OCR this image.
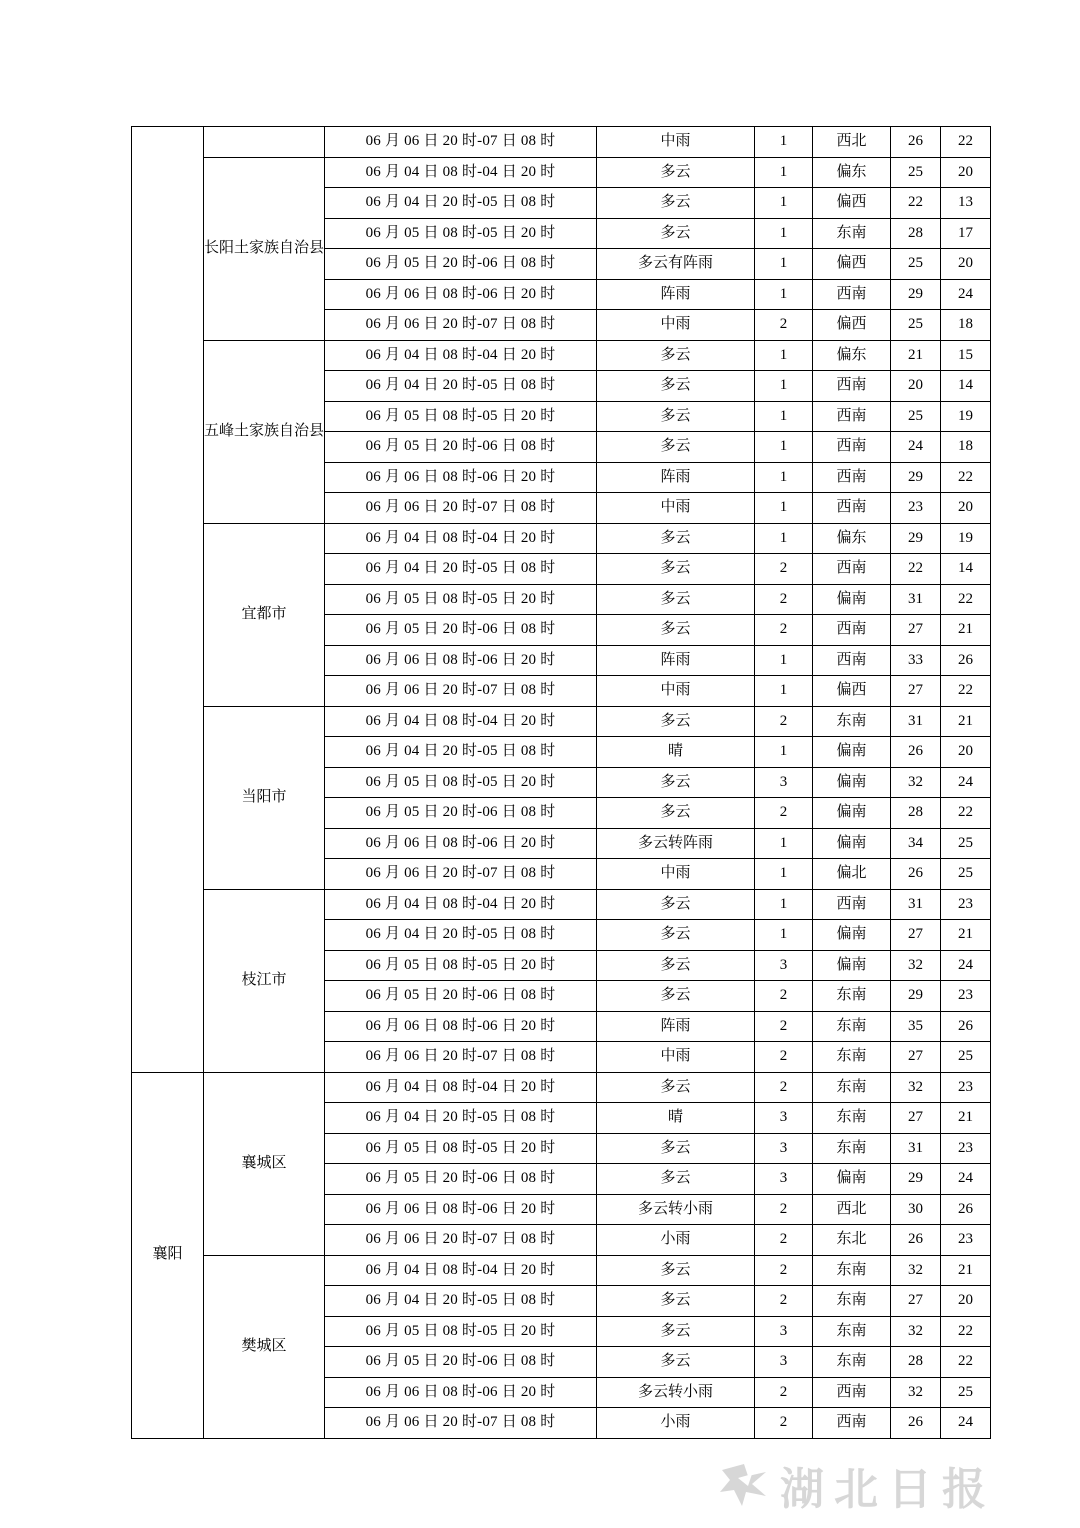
		06 月 06 日 20 时-07 日 08 时	中雨	1	西北	26	22
	长阳土家族自治县	06 月 04 日 08 时-04 日 20 时	多云	1	偏东	25	20
		06 月 04 日 20 时-05 日 08 时	多云	1	偏西	22	13
		06 月 05 日 08 时-05 日 20 时	多云	1	东南	28	17
		06 月 05 日 20 时-06 日 08 时	多云有阵雨	1	偏西	25	20
		06 月 06 日 08 时-06 日 20 时	阵雨	1	西南	29	24
		06 月 06 日 20 时-07 日 08 时	中雨	2	偏西	25	18
	五峰土家族自治县	06 月 04 日 08 时-04 日 20 时	多云	1	偏东	21	15
		06 月 04 日 20 时-05 日 08 时	多云	1	西南	20	14
		06 月 05 日 08 时-05 日 20 时	多云	1	西南	25	19
		06 月 05 日 20 时-06 日 08 时	多云	1	西南	24	18
		06 月 06 日 08 时-06 日 20 时	阵雨	1	西南	29	22
		06 月 06 日 20 时-07 日 08 时	中雨	1	西南	23	20
	宜都市	06 月 04 日 08 时-04 日 20 时	多云	1	偏东	29	19
		06 月 04 日 20 时-05 日 08 时	多云	2	西南	22	14
		06 月 05 日 08 时-05 日 20 时	多云	2	偏南	31	22
		06 月 05 日 20 时-06 日 08 时	多云	2	西南	27	21
		06 月 06 日 08 时-06 日 20 时	阵雨	1	西南	33	26
		06 月 06 日 20 时-07 日 08 时	中雨	1	偏西	27	22
	当阳市	06 月 04 日 08 时-04 日 20 时	多云	2	东南	31	21
		06 月 04 日 20 时-05 日 08 时	晴	1	偏南	26	20
		06 月 05 日 08 时-05 日 20 时	多云	3	偏南	32	24
		06 月 05 日 20 时-06 日 08 时	多云	2	偏南	28	22
		06 月 06 日 08 时-06 日 20 时	多云转阵雨	1	偏南	34	25
		06 月 06 日 20 时-07 日 08 时	中雨	1	偏北	26	25
	枝江市	06 月 04 日 08 时-04 日 20 时	多云	1	西南	31	23
		06 月 04 日 20 时-05 日 08 时	多云	1	偏南	27	21
		06 月 05 日 08 时-05 日 20 时	多云	3	偏南	32	24
		06 月 05 日 20 时-06 日 08 时	多云	2	东南	29	23
		06 月 06 日 08 时-06 日 20 时	阵雨	2	东南	35	26
		06 月 06 日 20 时-07 日 08 时	中雨	2	东南	27	25
襄阳	襄城区	06 月 04 日 08 时-04 日 20 时	多云	2	东南	32	23
		06 月 04 日 20 时-05 日 08 时	晴	3	东南	27	21
		06 月 05 日 08 时-05 日 20 时	多云	3	东南	31	23
		06 月 05 日 20 时-06 日 08 时	多云	3	偏南	29	24
		06 月 06 日 08 时-06 日 20 时	多云转小雨	2	西北	30	26
		06 月 06 日 20 时-07 日 08 时	小雨	2	东北	26	23
	樊城区	06 月 04 日 08 时-04 日 20 时	多云	2	东南	32	21
		06 月 04 日 20 时-05 日 08 时	多云	2	东南	27	20
		06 月 05 日 08 时-05 日 20 时	多云	3	东南	32	22
		06 月 05 日 20 时-06 日 08 时	多云	3	东南	28	22
		06 月 06 日 08 时-06 日 20 时	多云转小雨	2	西南	32	25
		06 月 06 日 20 时-07 日 08 时	小雨	2	西南	26	24
湖北日报
